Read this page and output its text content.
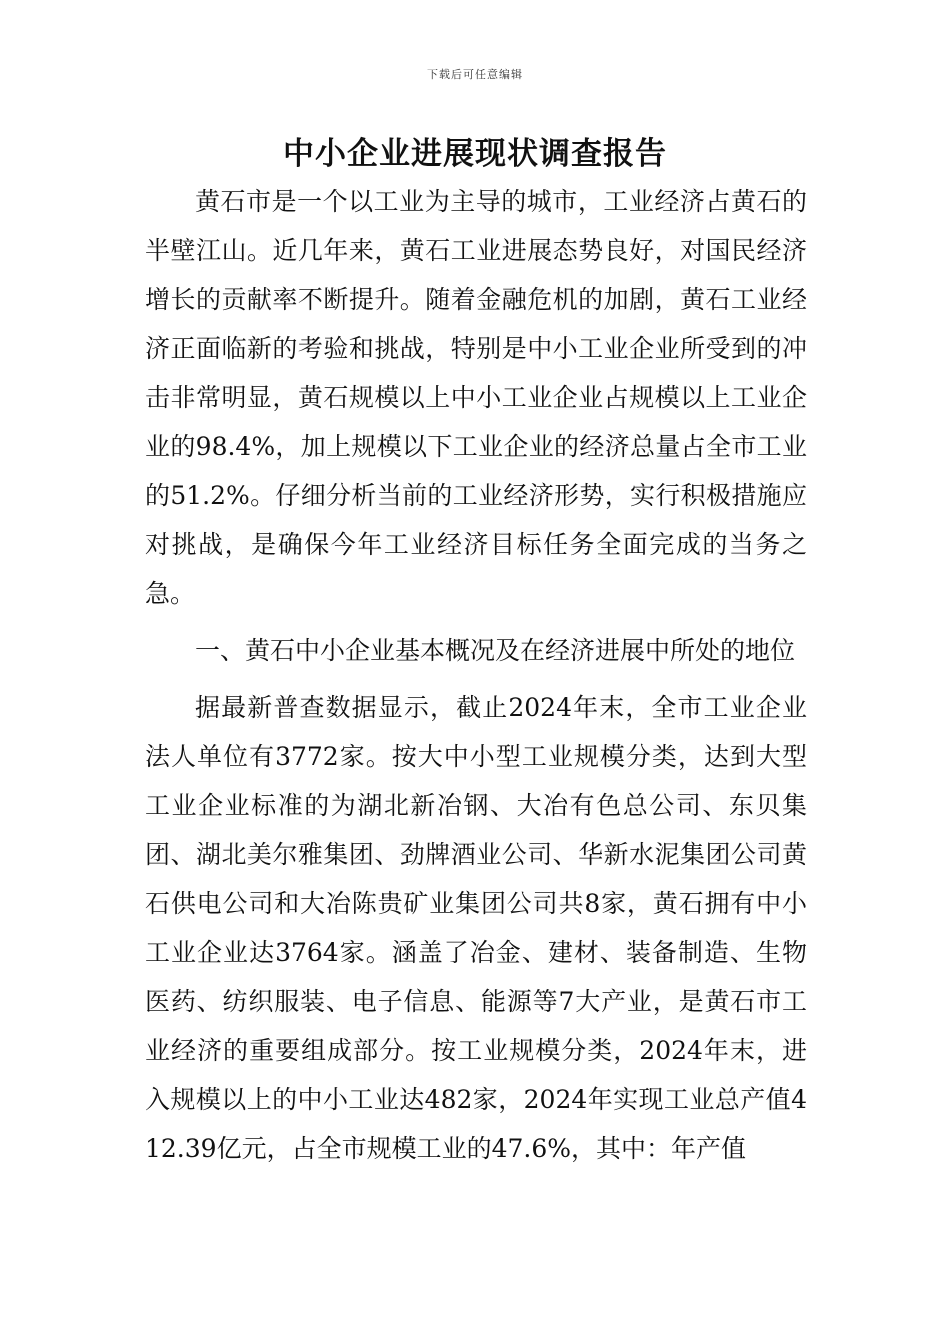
下载后可任意编辑
中小企业进展现状调查报告

黄石市是一个以工业为主导的城市，工业经济占黄石的半壁江山。近几年来，黄石工业进展态势良好，对国民经济增长的贡献率不断提升。随着金融危机的加剧，黄石工业经济正面临新的考验和挑战，特别是中小工业企业所受到的冲击非常明显，黄石规模以上中小工业企业占规模以上工业企业的98.4%，加上规模以下工业企业的经济总量占全市工业的51.2%。仔细分析当前的工业经济形势，实行积极措施应对挑战，是确保今年工业经济目标任务全面完成的当务之急。

一、黄石中小企业基本概况及在经济进展中所处的地位

据最新普查数据显示，截止2024年末，全市工业企业法人单位有3772家。按大中小型工业规模分类，达到大型工业企业标准的为湖北新冶钢、大冶有色总公司、东贝集团、湖北美尔雅集团、劲牌酒业公司、华新水泥集团公司黄石供电公司和大冶陈贵矿业集团公司共8家，黄石拥有中小工业企业达3764家。涵盖了冶金、建材、装备制造、生物医药、纺织服装、电子信息、能源等7大产业，是黄石市工业经济的重要组成部分。按工业规模分类，2024年末，进入规模以上的中小工业达482家，2024年实现工业总产值412.39亿元，占全市规模工业的47.6%，其中：年产值
